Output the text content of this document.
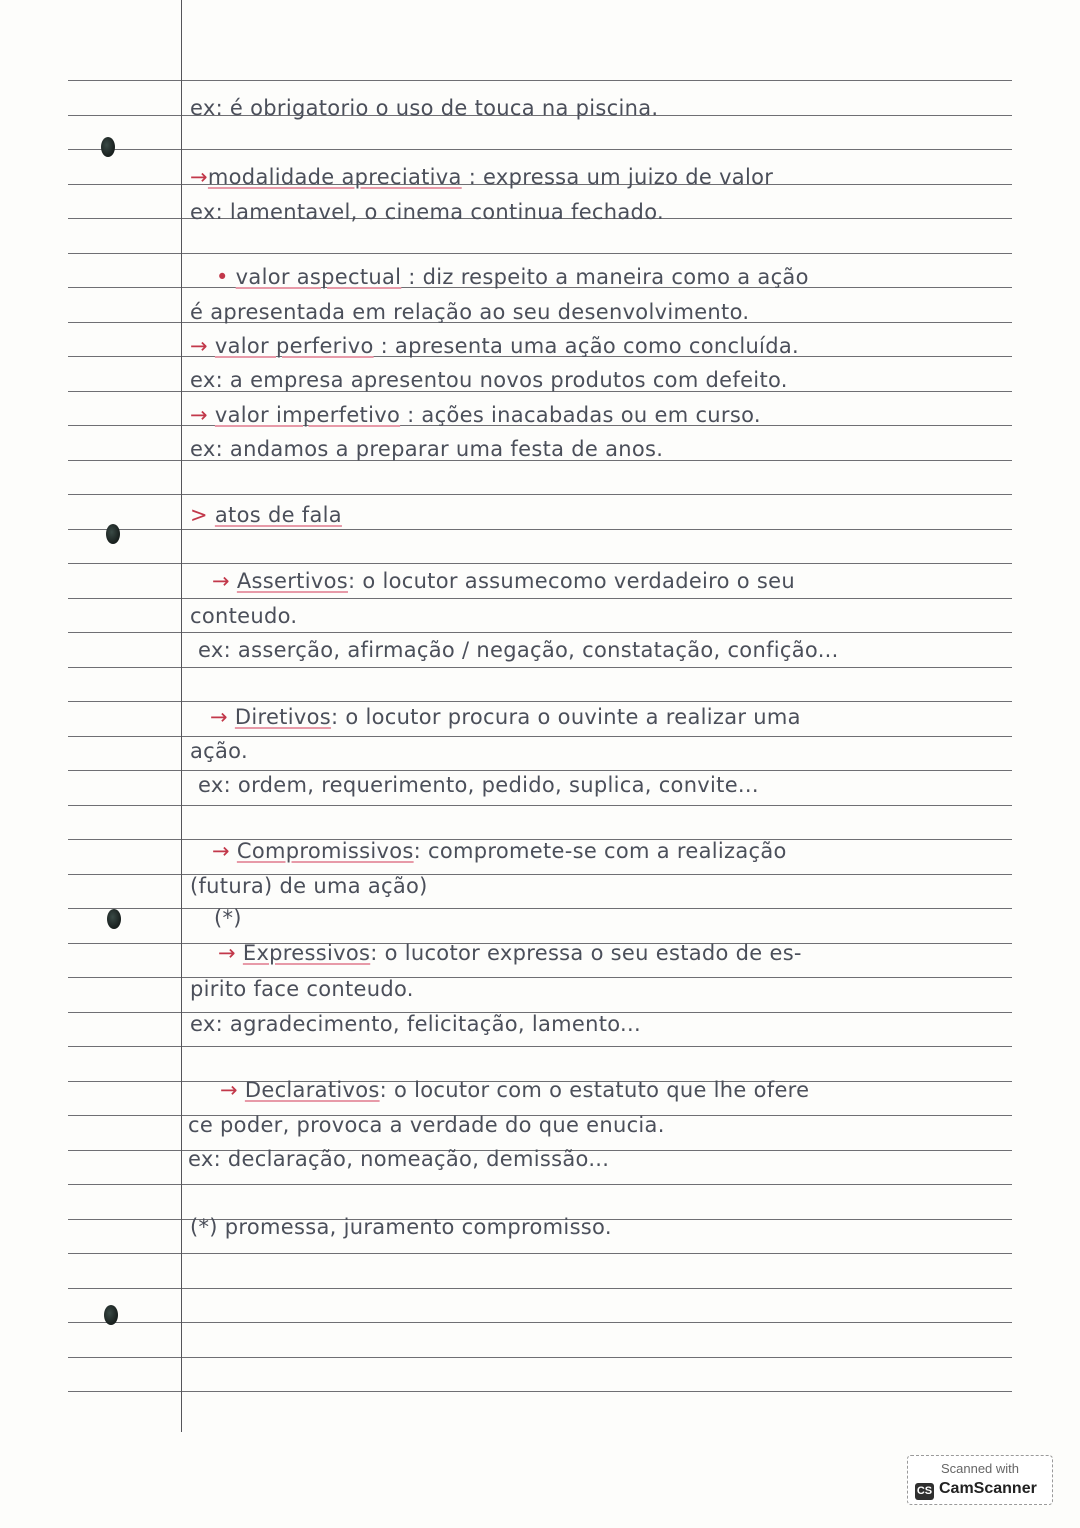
ex: é obrigatorio o uso de touca na piscina.
→modalidade apreciativa : expressa um juizo de valor
ex: lamentavel, o cinema continua fechado.
• valor aspectual : diz respeito a maneira como a ação
é apresentada em relação ao seu desenvolvimento.
→ valor perferivo : apresenta uma ação como concluída.
ex: a empresa apresentou novos produtos com defeito.
→ valor imperfetivo : ações inacabadas ou em curso.
ex: andamos a preparar uma festa de anos.
> atos de fala
→ Assertivos: o locutor assumecomo verdadeiro o seu
conteudo.
ex: asserção, afirmação / negação, constatação, confição...
→ Diretivos: o locutor procura o ouvinte a realizar uma
ação.
ex: ordem, requerimento, pedido, suplica, convite...
→ Compromissivos: compromete-se com a realização
(futura) de uma ação)
(*)
→ Expressivos: o lucotor expressa o seu estado de es-
pirito face conteudo.
ex: agradecimento, felicitação, lamento...
→ Declarativos: o locutor com o estatuto que lhe ofere
ce poder, provoca a verdade do que enucia.
ex: declaração, nomeação, demissão...
(*) promessa, juramento compromisso.
Scanned with
CS CamScanner
